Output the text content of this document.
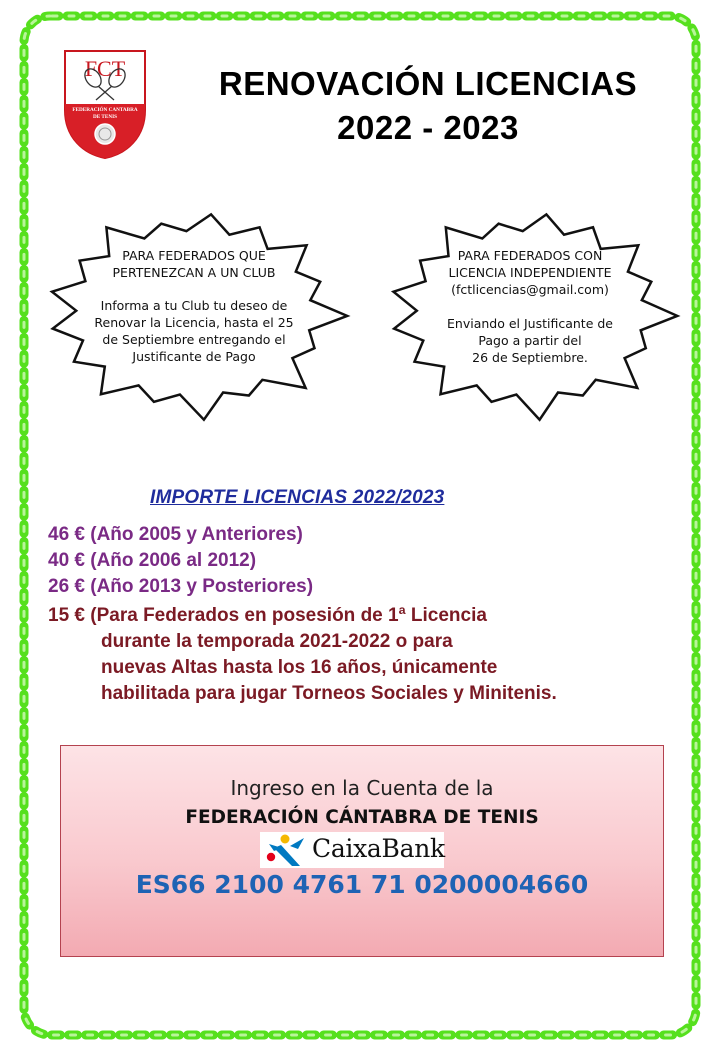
FCT
FEDERACIÓN CANTABRA
DE TENIS
RENOVACIÓN LICENCIAS
2022 - 2023
PARA FEDERADOS QUE
PERTENEZCAN A UN CLUB
Informa a tu Club tu deseo de
Renovar la Licencia, hasta el 25
de Septiembre entregando el
Justificante de Pago
PARA FEDERADOS CON
LICENCIA INDEPENDIENTE
(fctlicencias@gmail.com)
Enviando el Justificante de
Pago a partir del
26 de Septiembre.
IMPORTE LICENCIAS 2022/2023
46 € (Año 2005 y Anteriores)
40 € (Año 2006 al 2012)
26 € (Año 2013 y Posteriores)
15 € (Para Federados en posesión de 1ª Licencia
durante la temporada 2021-2022 o para
nuevas Altas hasta los 16 años, únicamente
habilitada para jugar Torneos Sociales y Minitenis.
Ingreso en la Cuenta de la
FEDERACIÓN CÁNTABRA DE TENIS
CaixaBank
ES66 2100 4761 71 0200004660
